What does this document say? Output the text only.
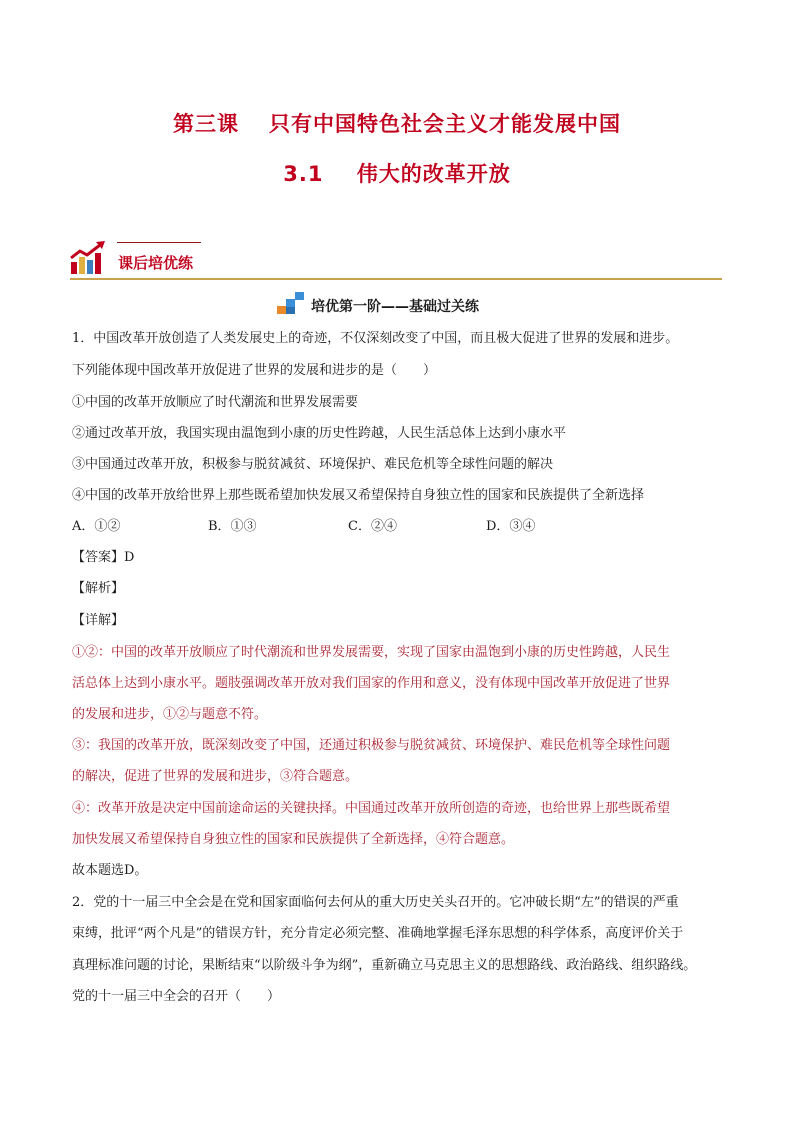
第三课 只有中国特色社会主义才能发展中国
3.1    伟大的改革开放
课后培优练
培优第一阶——基础过关练
1．中国改革开放创造了人类发展史上的奇迹，不仅深刻改变了中国，而且极大促进了世界的发展和进步。
下列能体现中国改革开放促进了世界的发展和进步的是（　　）
①中国的改革开放顺应了时代潮流和世界发展需要
②通过改革开放，我国实现由温饱到小康的历史性跨越，人民生活总体上达到小康水平
③中国通过改革开放，积极参与脱贫减贫、环境保护、难民危机等全球性问题的解决
④中国的改革开放给世界上那些既希望加快发展又希望保持自身独立性的国家和民族提供了全新选择
A．①②	B．①③	C．②④	D．③④
【答案】D
【解析】
【详解】
①②：中国的改革开放顺应了时代潮流和世界发展需要，实现了国家由温饱到小康的历史性跨越，人民生
活总体上达到小康水平。题肢强调改革开放对我们国家的作用和意义，没有体现中国改革开放促进了世界
的发展和进步，①②与题意不符。
③：我国的改革开放，既深刻改变了中国，还通过积极参与脱贫减贫、环境保护、难民危机等全球性问题
的解决，促进了世界的发展和进步，③符合题意。
④：改革开放是决定中国前途命运的关键抉择。中国通过改革开放所创造的奇迹，也给世界上那些既希望
加快发展又希望保持自身独立性的国家和民族提供了全新选择，④符合题意。
故本题选D。
2．党的十一届三中全会是在党和国家面临何去何从的重大历史关头召开的。它冲破长期“左”的错误的严重
束缚，批评“两个凡是”的错误方针，充分肯定必须完整、准确地掌握毛泽东思想的科学体系，高度评价关于
真理标准问题的讨论，果断结束“以阶级斗争为纲”，重新确立马克思主义的思想路线、政治路线、组织路线。
党的十一届三中全会的召开（　　）
